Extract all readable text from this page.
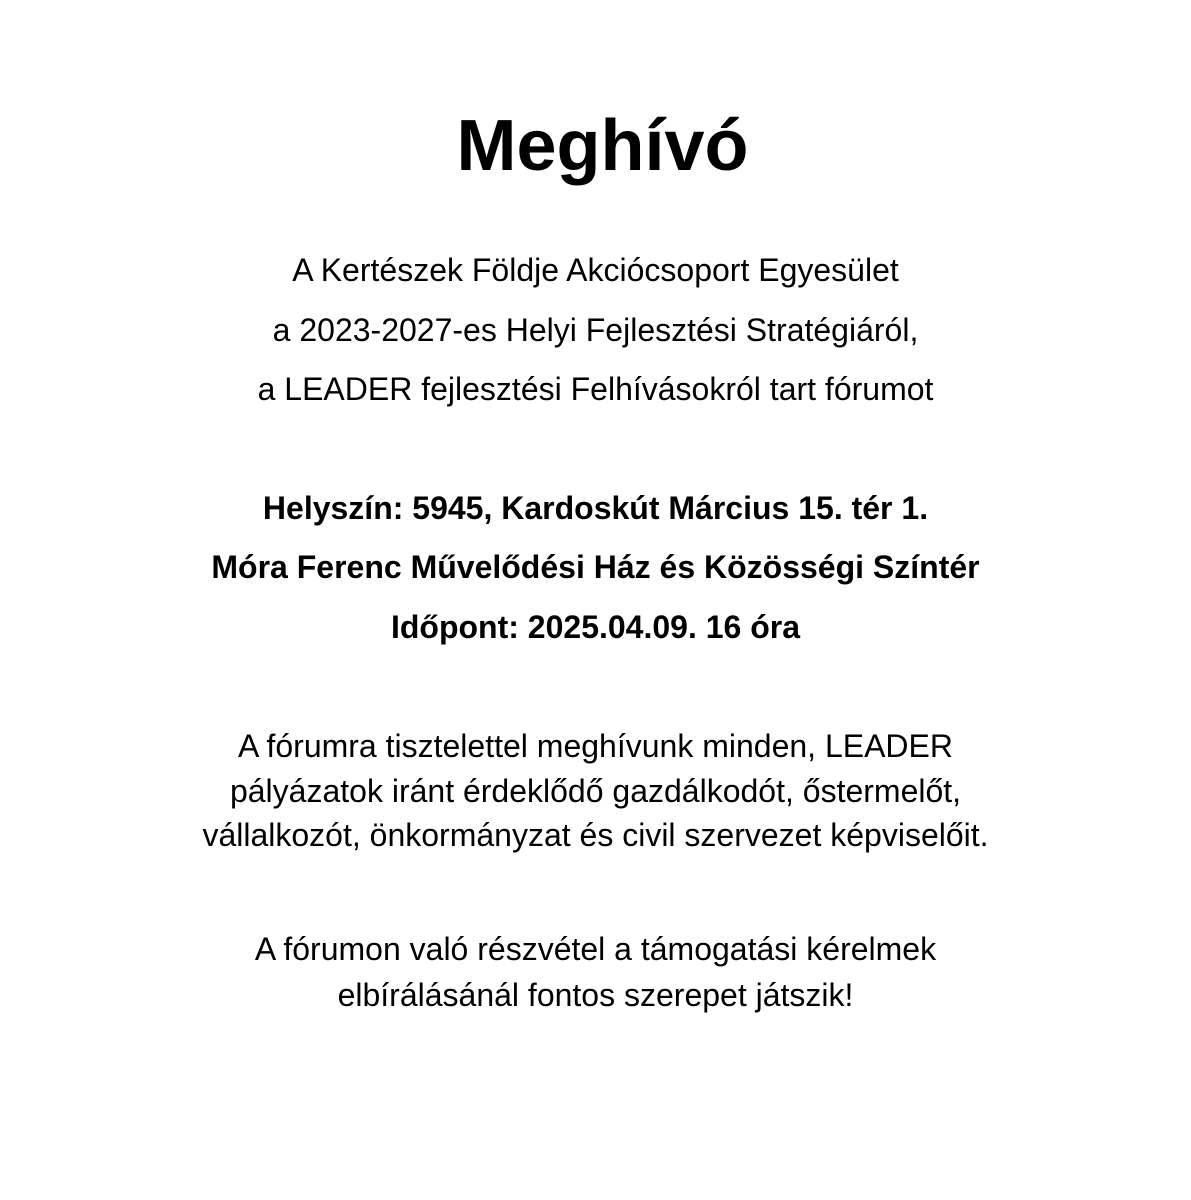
Meghívó
A Kertészek Földje Akciócsoport Egyesület
a 2023-2027-es Helyi Fejlesztési Stratégiáról,
a LEADER fejlesztési Felhívásokról tart fórumot
Helyszín: 5945, Kardoskút Március 15. tér 1.
Móra Ferenc Művelődési Ház és Közösségi Színtér
Időpont: 2025.04.09. 16 óra
A fórumra tisztelettel meghívunk minden, LEADER
pályázatok iránt érdeklődő gazdálkodót, őstermelőt,
vállalkozót, önkormányzat és civil szervezet képviselőit.
A fórumon való részvétel a támogatási kérelmek
elbírálásánál fontos szerepet játszik!
